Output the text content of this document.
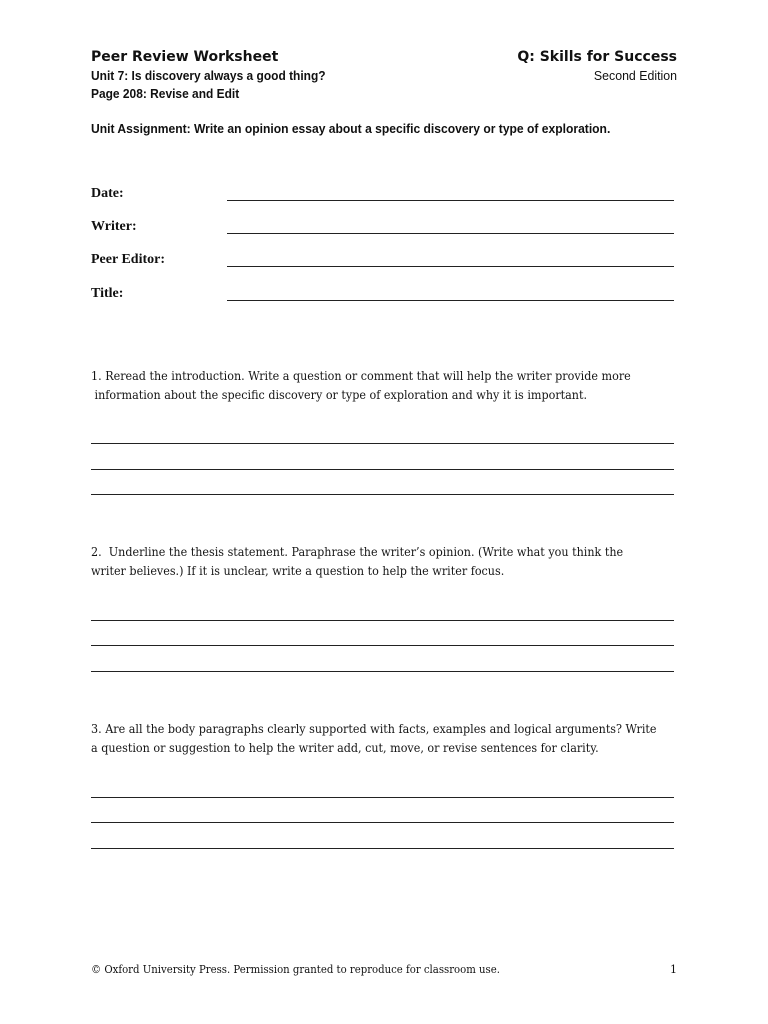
Peer Review Worksheet
Unit 7: Is discovery always a good thing?
Page 208: Revise and Edit
Q: Skills for Success
Second Edition
Unit Assignment: Write an opinion essay about a specific discovery or type of exploration.
Date:
Writer:
Peer Editor:
Title:
1. Reread the introduction. Write a question or comment that will help the writer provide more
information about the specific discovery or type of exploration and why it is important.
2.  Underline the thesis statement. Paraphrase the writer’s opinion. (Write what you think the
writer believes.) If it is unclear, write a question to help the writer focus.
3. Are all the body paragraphs clearly supported with facts, examples and logical arguments? Write
a question or suggestion to help the writer add, cut, move, or revise sentences for clarity.
© Oxford University Press. Permission granted to reproduce for classroom use.	1
